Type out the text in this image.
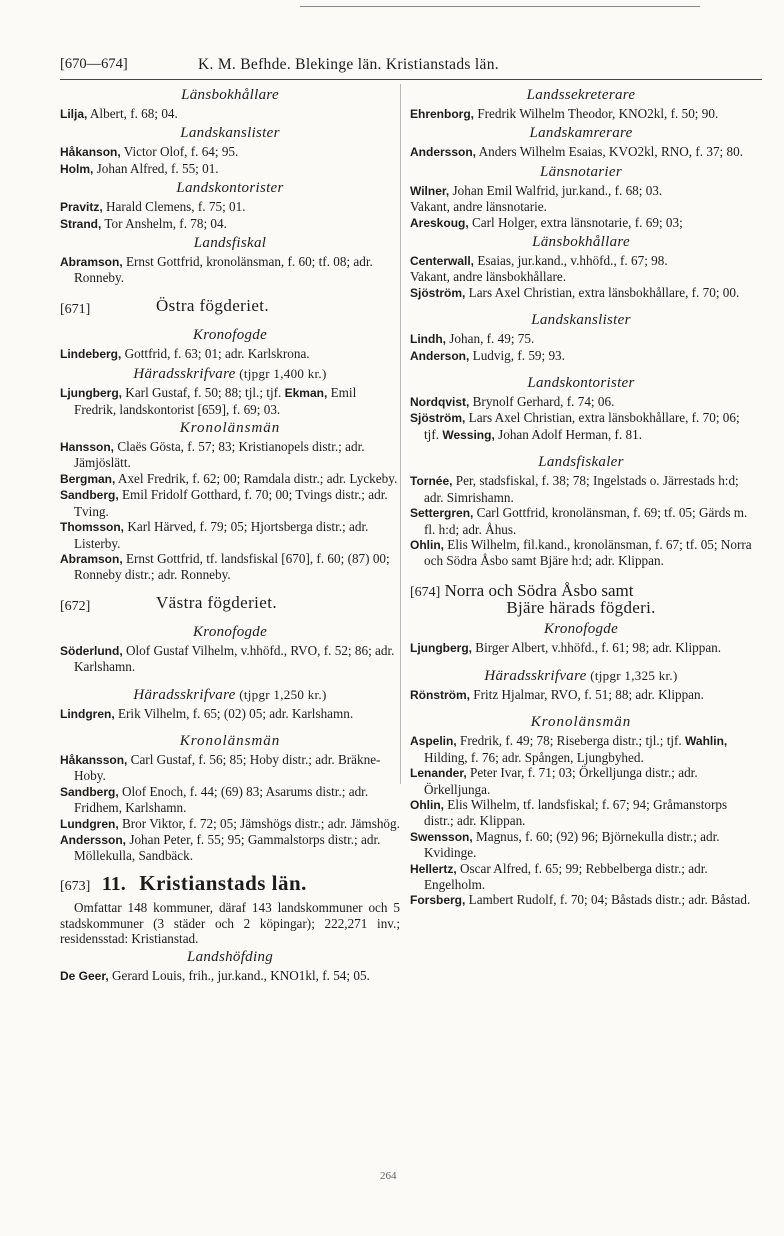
[670—674]	K. M. Befhde. Blekinge län. Kristianstads län.
Länsbokhållare

Lilja, Albert, f. 68; 04.

Landskanslister

Håkanson, Victor Olof, f. 64; 95.

Holm, Johan Alfred, f. 55; 01.

Landskontorister

Pravitz, Harald Clemens, f. 75; 01.

Strand, Tor Anshelm, f. 78; 04.

Landsfiskal

Abramson, Ernst Gottfrid, kronolänsman, f. 60; tf. 08; adr. Ronneby.

[671]	Östra fögderiet.
Kronofogde

Lindeberg, Gottfrid, f. 63; 01; adr. Karlskrona.

Häradsskrifvare (tjpgr 1,400 kr.)

Ljungberg, Karl Gustaf, f. 50; 88; tjl.; tjf. Ekman, Emil Fredrik, landskontorist [659], f. 69; 03.

Kronolänsmän

Hansson, Claës Gösta, f. 57; 83; Kristianopels distr.; adr. Jämjöslätt.

Bergman, Axel Fredrik, f. 62; 00; Ramdala distr.; adr. Lyckeby.

Sandberg, Emil Fridolf Gotthard, f. 70; 00; Tvings distr.; adr. Tving.

Thomsson, Karl Härved, f. 79; 05; Hjortsberga distr.; adr. Listerby.

Abramson, Ernst Gottfrid, tf. landsfiskal [670], f. 60; (87) 00; Ronneby distr.; adr. Ronneby.

[672]	Västra fögderiet.
Kronofogde

Söderlund, Olof Gustaf Vilhelm, v.hhöfd., RVO, f. 52; 86; adr. Karlshamn.

Häradsskrifvare (tjpgr 1,250 kr.)

Lindgren, Erik Vilhelm, f. 65; (02) 05; adr. Karlshamn.

Kronolänsmän

Håkansson, Carl Gustaf, f. 56; 85; Hoby distr.; adr. Bräkne-Hoby.

Sandberg, Olof Enoch, f. 44; (69) 83; Asarums distr.; adr. Fridhem, Karlshamn.

Lundgren, Bror Viktor, f. 72; 05; Jämshögs distr.; adr. Jämshög.

Andersson, Johan Peter, f. 55; 95; Gammalstorps distr.; adr. Möllekulla, Sandbäck.

[673] 11. Kristianstads län.

Omfattar 148 kommuner, däraf 143 landskommuner och 5 stadskommuner (3 städer och 2 köpingar); 222,271 inv.; residensstad: Kristianstad.

Landshöfding

De Geer, Gerard Louis, frih., jur.kand., KNO1kl, f. 54; 05.

Landssekreterare

Ehrenborg, Fredrik Wilhelm Theodor, KNO2kl, f. 50; 90.

Landskamrerare

Andersson, Anders Wilhelm Esaias, KVO2kl, RNO, f. 37; 80.

Länsnotarier

Wilner, Johan Emil Walfrid, jur.kand., f. 68; 03.

Vakant, andre länsnotarie.

Areskoug, Carl Holger, extra länsnotarie, f. 69; 03;

Länsbokhållare

Centerwall, Esaias, jur.kand., v.hhöfd., f. 67; 98.

Vakant, andre länsbokhållare.

Sjöström, Lars Axel Christian, extra länsbokhållare, f. 70; 00.

Landskanslister

Lindh, Johan, f. 49; 75.

Anderson, Ludvig, f. 59; 93.

Landskontorister

Nordqvist, Brynolf Gerhard, f. 74; 06.

Sjöström, Lars Axel Christian, extra länsbokhållare, f. 70; 06; tjf. Wessing, Johan Adolf Herman, f. 81.

Landsfiskaler

Tornée, Per, stadsfiskal, f. 38; 78; Ingelstads o. Järrestads h:d; adr. Simrishamn.

Settergren, Carl Gottfrid, kronolänsman, f. 69; tf. 05; Gärds m. fl. h:d; adr. Åhus.

Ohlin, Elis Wilhelm, fil.kand., kronolänsman, f. 67; tf. 05; Norra och Södra Åsbo samt Bjäre h:d; adr. Klippan.

[674] Norra och Södra Åsbo samt
Bjäre härads fögderi.
Kronofogde

Ljungberg, Birger Albert, v.hhöfd., f. 61; 98; adr. Klippan.

Häradsskrifvare (tjpgr 1,325 kr.)

Rönström, Fritz Hjalmar, RVO, f. 51; 88; adr. Klippan.

Kronolänsmän

Aspelin, Fredrik, f. 49; 78; Riseberga distr.; tjl.; tjf. Wahlin, Hilding, f. 76; adr. Spången, Ljungbyhed.

Lenander, Peter Ivar, f. 71; 03; Örkelljunga distr.; adr. Örkelljunga.

Ohlin, Elis Wilhelm, tf. landsfiskal; f. 67; 94; Gråmanstorps distr.; adr. Klippan.

Swensson, Magnus, f. 60; (92) 96; Björnekulla distr.; adr. Kvidinge.

Hellertz, Oscar Alfred, f. 65; 99; Rebbelberga distr.; adr. Engelholm.

Forsberg, Lambert Rudolf, f. 70; 04; Båstads distr.; adr. Båstad.

264
